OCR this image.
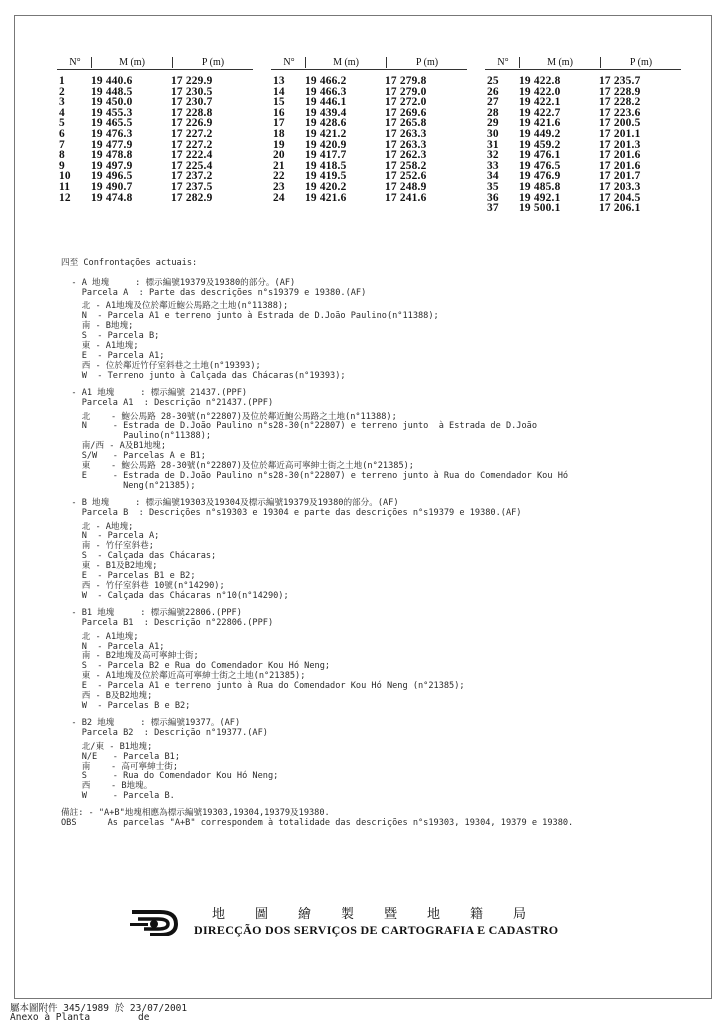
N°	M (m)	P (m)
1	19 440.6	17 229.9
2	19 448.5	17 230.5
3	19 450.0	17 230.7
4	19 455.3	17 228.8
5	19 465.5	17 226.9
6	19 476.3	17 227.2
7	19 477.9	17 227.2
8	19 478.8	17 222.4
9	19 497.9	17 225.4
10	19 496.5	17 237.2
11	19 490.7	17 237.5
12	19 474.8	17 282.9
N°	M (m)	P (m)
13	19 466.2	17 279.8
14	19 466.3	17 279.0
15	19 446.1	17 272.0
16	19 439.4	17 269.6
17	19 428.6	17 265.8
18	19 421.2	17 263.3
19	19 420.9	17 263.3
20	19 417.7	17 262.3
21	19 418.5	17 258.2
22	19 419.5	17 252.6
23	19 420.2	17 248.9
24	19 421.6	17 241.6
N°	M (m)	P (m)
25	19 422.8	17 235.7
26	19 422.0	17 228.9
27	19 422.1	17 228.2
28	19 422.7	17 223.6
29	19 421.6	17 200.5
30	19 449.2	17 201.1
31	19 459.2	17 201.3
32	19 476.1	17 201.6
33	19 476.5	17 201.6
34	19 476.9	17 201.7
35	19 485.8	17 203.3
36	19 492.1	17 204.5
37	19 500.1	17 206.1

四至 Confrontações actuais:

- A 地塊     : 標示編號19379及19380的部分。(AF)
Parcela A  : Parte das descrições n°s19379 e 19380.(AF)
北 - A1地塊及位於鄰近鮑公馬路之土地(n°11388);
N  - Parcela A1 e terreno junto à Estrada de D.João Paulino(n°11388);
南 - B地塊;
S  - Parcela B;
東 - A1地塊;
E  - Parcela A1;
西 - 位於鄰近竹仔室斜巷之土地(n°19393);
W  - Terreno junto à Calçada das Chácaras(n°19393);
- A1 地塊     : 標示編號 21437.(PPF)
Parcela A1  : Descrição n°21437.(PPF)
北    - 鮑公馬路 28-30號(n°22807)及位於鄰近鮑公馬路之土地(n°11388);
N     - Estrada de D.João Paulino n°s28-30(n°22807) e terreno junto  à Estrada de D.João
Paulino(n°11388);
南/西 - A及B1地塊;
S/W   - Parcelas A e B1;
東    - 鮑公馬路 28-30號(n°22807)及位於鄰近高可寧紳士街之土地(n°21385);
E     - Estrada de D.João Paulino n°s28-30(n°22807) e terreno junto à Rua do Comendador Kou Hó
Neng(n°21385);
- B 地塊     : 標示編號19303及19304及標示編號19379及19380的部分。(AF)
Parcela B  : Descrições n°s19303 e 19304 e parte das descrições n°s19379 e 19380.(AF)
北 - A地塊;
N  - Parcela A;
南 - 竹仔室斜巷;
S  - Calçada das Chácaras;
東 - B1及B2地塊;
E  - Parcelas B1 e B2;
西 - 竹仔室斜巷 10號(n°14290);
W  - Calçada das Chácaras n°10(n°14290);
- B1 地塊     : 標示編號22806.(PPF)
Parcela B1  : Descrição n°22806.(PPF)
北 - A1地塊;
N  - Parcela A1;
南 - B2地塊及高可寧紳士街;
S  - Parcela B2 e Rua do Comendador Kou Hó Neng;
東 - A1地塊及位於鄰近高可寧紳士街之土地(n°21385);
E  - Parcela A1 e terreno junto à Rua do Comendador Kou Hó Neng (n°21385);
西 - B及B2地塊;
W  - Parcelas B e B2;
- B2 地塊     : 標示編號19377。(AF)
Parcela B2  : Descrição n°19377.(AF)
北/東 - B1地塊;
N/E   - Parcela B1;
南    - 高可寧紳士街;
S     - Rua do Comendador Kou Hó Neng;
西    - B地塊。
W     - Parcela B.
備註: - "A+B"地塊相應為標示編號19303,19304,19379及19380.
OBS      As parcelas "A+B" correspondem à totalidade das descrições n°s19303, 19304, 19379 e 19380.
地圖繪製暨地籍局
DIRECÇÃO DOS SERVIÇOS DE CARTOGRAFIA E CADASTRO
屬本圖附件 345/1989 於 23/07/2001
Anexo à Planta	de
